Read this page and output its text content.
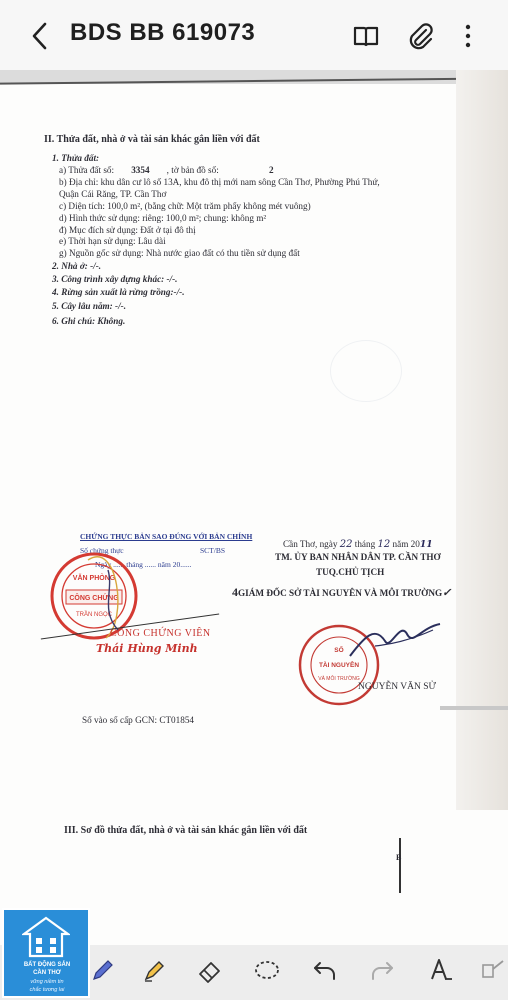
BDS BB 619073
II. Thửa đất, nhà ở và tài sản khác gắn liền với đất
1. Thửa đất:
a) Thửa đất số: 3354 , tờ bản đồ số:	2
b) Địa chỉ: khu dân cư lô số 13A, khu đô thị mới nam sông Cần Thơ, Phường Phú Thứ,
Quận Cái Răng, TP. Cần Thơ
c) Diện tích: 100,0 m², (bằng chữ: Một trăm phẩy không mét vuông)
d) Hình thức sử dụng: riêng: 100,0 m²; chung: không m²
đ) Mục đích sử dụng: Đất ở tại đô thị
e) Thời hạn sử dụng: Lâu dài
g) Nguồn gốc sử dụng: Nhà nước giao đất có thu tiền sử dụng đất
2. Nhà ở: -/-.
3. Công trình xây dựng khác: -/-.
4. Rừng sản xuất là rừng trồng:-/-.
5. Cây lâu năm: -/-.
6. Ghi chú: Không.
Cần Thơ, ngày 22 tháng 12 năm 2011
TM. ỦY BAN NHÂN DÂN TP. CẦN THƠ
TUQ.CHỦ TỊCH
4GIÁM ĐỐC SỞ TÀI NGUYÊN VÀ MÔI TRƯỜNG✓
CHỨNG THỰC BẢN SAO ĐÚNG VỚI BẢN CHÍNH
Số chứng thực	SCT/BS
Ngày ...... tháng ...... năm 20......
VĂN PHÒNG
CÔNG CHỨNG
TRẦN NGỌC
CÔNG CHỨNG VIÊN
Thái Hùng Minh	SỐ
TÀI NGUYÊN
VÀ MÔI TRƯỜNG
NGUYỄN VĂN SỬ
Số vào sổ cấp GCN: CT01854
III. Sơ đồ thửa đất, nhà ở và tài sản khác gắn liền với đất
B
BẤT ĐỘNG SẢN
CẦN THƠ
vững niềm tin
chắc tương lai
